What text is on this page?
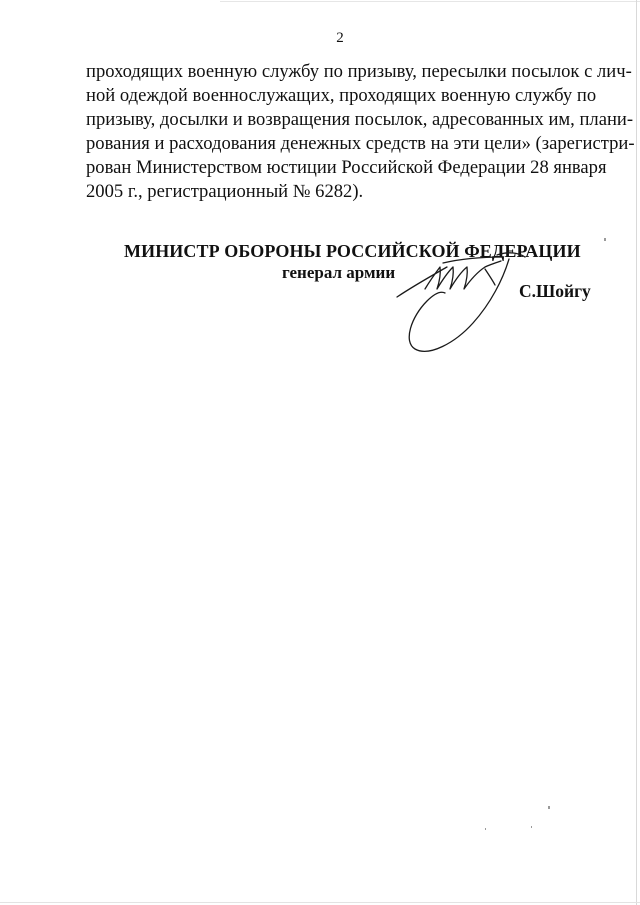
2
проходящих военную службу по призыву, пересылки посылок с лич-
ной одеждой военнослужащих, проходящих военную службу по
призыву, досылки и возвращения посылок, адресованных им, плани-
рования и расходования денежных средств на эти цели» (зарегистри-
рован Министерством юстиции Российской Федерации 28 января
2005 г., регистрационный № 6282).
МИНИСТР ОБОРОНЫ РОССИЙСКОЙ ФЕДЕРАЦИИ
генерал армии
С.Шойгу
